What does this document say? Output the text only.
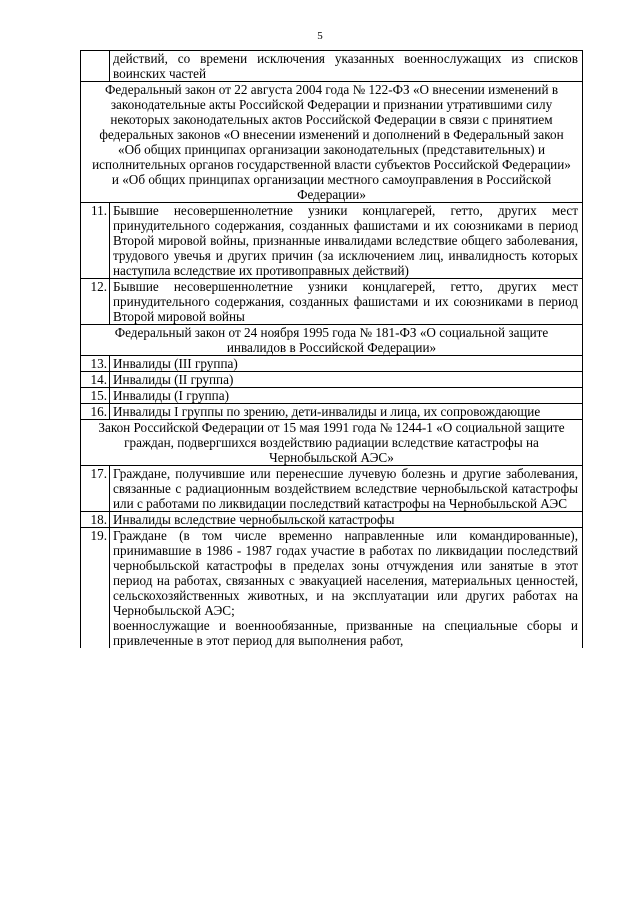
5
	действий, со времени исключения указанных военнослужащих из списков воинских частей
Федеральный закон от 22 августа 2004 года № 122-ФЗ «О внесении изменений в законодательные акты Российской Федерации и признании утратившими силу некоторых законодательных актов Российской Федерации в связи с принятием федеральных законов «О внесении изменений и дополнений в Федеральный закон «Об общих принципах организации законодательных (представительных) и исполнительных органов государственной власти субъектов Российской Федерации» и «Об общих принципах организации местного самоуправления в Российской Федерации»	
11.	Бывшие несовершеннолетние узники концлагерей, гетто, других мест принудительного содержания, созданных фашистами и их союзниками в период Второй мировой войны, признанные инвалидами вследствие общего заболевания, трудового увечья и других причин (за исключением лиц, инвалидность которых наступила вследствие их противоправных действий)
12.	Бывшие несовершеннолетние узники концлагерей, гетто, других мест принудительного содержания, созданных фашистами и их союзниками в период Второй мировой войны
Федеральный закон от 24 ноября 1995 года № 181-ФЗ «О социальной защите инвалидов в Российской Федерации»	
13.	Инвалиды (III группа)
14.	Инвалиды (II группа)
15.	Инвалиды (I группа)
16.	Инвалиды I группы по зрению, дети-инвалиды и лица, их сопровождающие
Закон Российской Федерации от 15 мая 1991 года № 1244-1 «О социальной защите граждан, подвергшихся воздействию радиации вследствие катастрофы на Чернобыльской АЭС»	
17.	Граждане, получившие или перенесшие лучевую болезнь и другие заболевания, связанные с радиационным воздействием вследствие чернобыльской катастрофы или с работами по ликвидации последствий катастрофы на Чернобыльской АЭС
18.	Инвалиды вследствие чернобыльской катастрофы
19.	Граждане (в том числе временно направленные или командированные), принимавшие в 1986 - 1987 годах участие в работах по ликвидации последствий чернобыльской катастрофы в пределах зоны отчуждения или занятые в этот период на работах, связанных с эвакуацией населения, материальных ценностей, сельскохозяйственных животных, и на эксплуатации или других работах на Чернобыльской АЭС;
военнослужащие и военнообязанные, призванные на специальные сборы и привлеченные в этот период для выполнения работ,
